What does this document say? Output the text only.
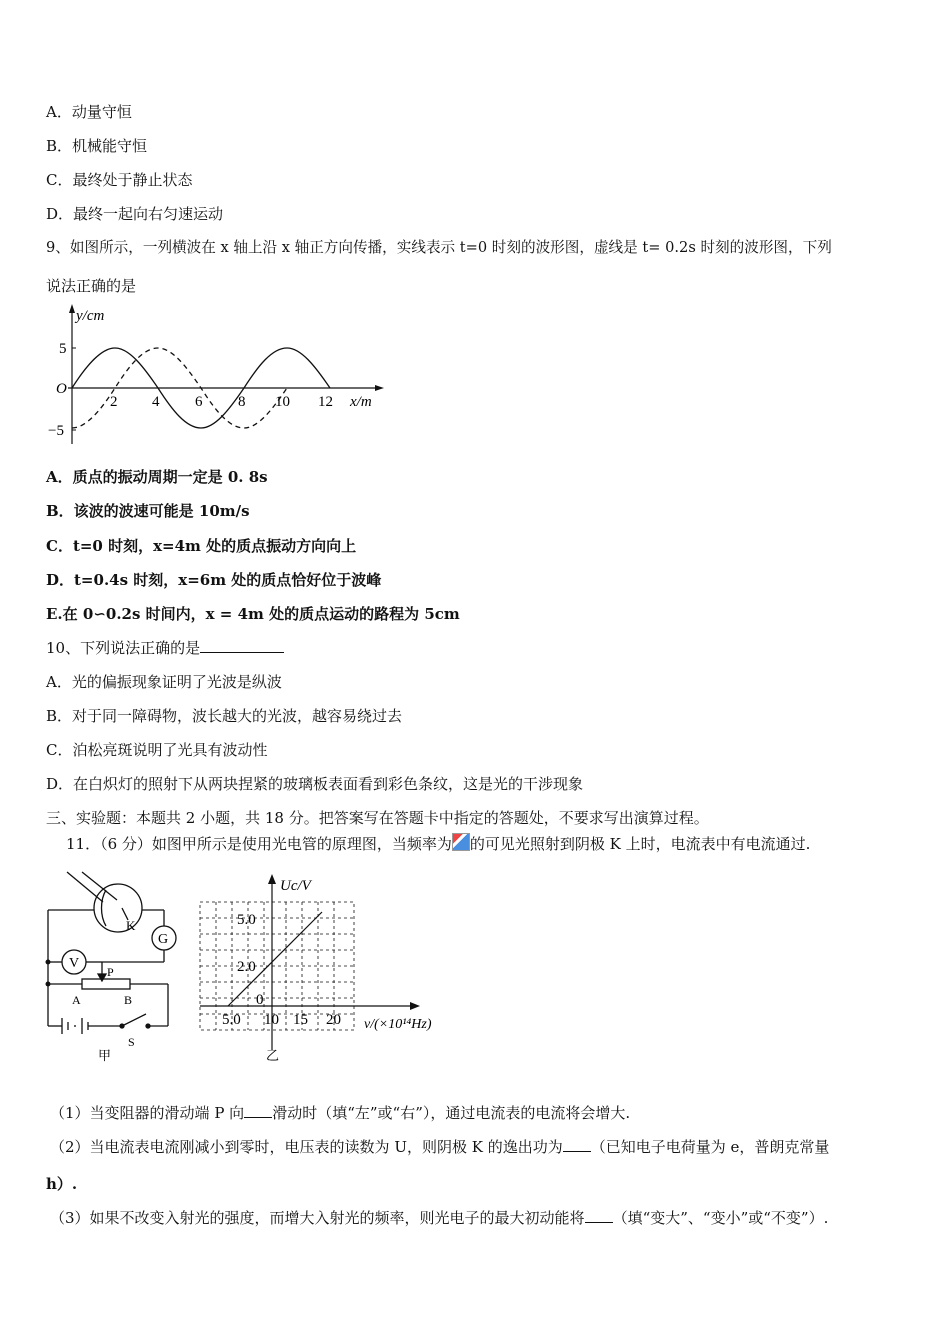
A．动量守恒
B．机械能守恒
C．最终处于静止状态
D．最终一起向右匀速运动
9、如图所示，一列横波在 x 轴上沿 x 轴正方向传播，实线表示 t=0 时刻的波形图，虚线是 t= 0.2s 时刻的波形图，下列
说法正确的是
y/cm
5
O
−5
2 4 6 8 10 12 x/m
A．质点的振动周期一定是 0. 8s
B．该波的波速可能是 10m/s
C．t=0 时刻，x=4m 处的质点振动方向向上
D．t=0.4s 时刻，x=6m 处的质点恰好位于波峰
E.在 0∽0.2s 时间内，x = 4m 处的质点运动的路程为 5cm
10、下列说法正确的是
A．光的偏振现象证明了光波是纵波
B．对于同一障碍物，波长越大的光波，越容易绕过去
C．泊松亮斑说明了光具有波动性
D．在白炽灯的照射下从两块捏紧的玻璃板表面看到彩色条纹，这是光的干涉现象
三、实验题：本题共 2 小题，共 18 分。把答案写在答题卡中指定的答题处，不要求写出演算过程。
11．（6 分）如图甲所示是使用光电管的原理图，当频率为 的可见光照射到阴极 K 上时，电流表中有电流通过.
K
G
V
P
A	B
S
甲
Uc/V
5.0
2.0
0
5.0 10 15 20 ν/(×10¹⁴Hz)
乙
（1）当变阻器的滑动端 P 向 滑动时（填“左”或“右”），通过电流表的电流将会增大.
（2）当电流表电流刚减小到零时，电压表的读数为 U，则阴极 K 的逸出功为 （已知电子电荷量为 e，普朗克常量
h）.
（3）如果不改变入射光的强度，而增大入射光的频率，则光电子的最大初动能将 （填“变大”、“变小”或“不变”）.
